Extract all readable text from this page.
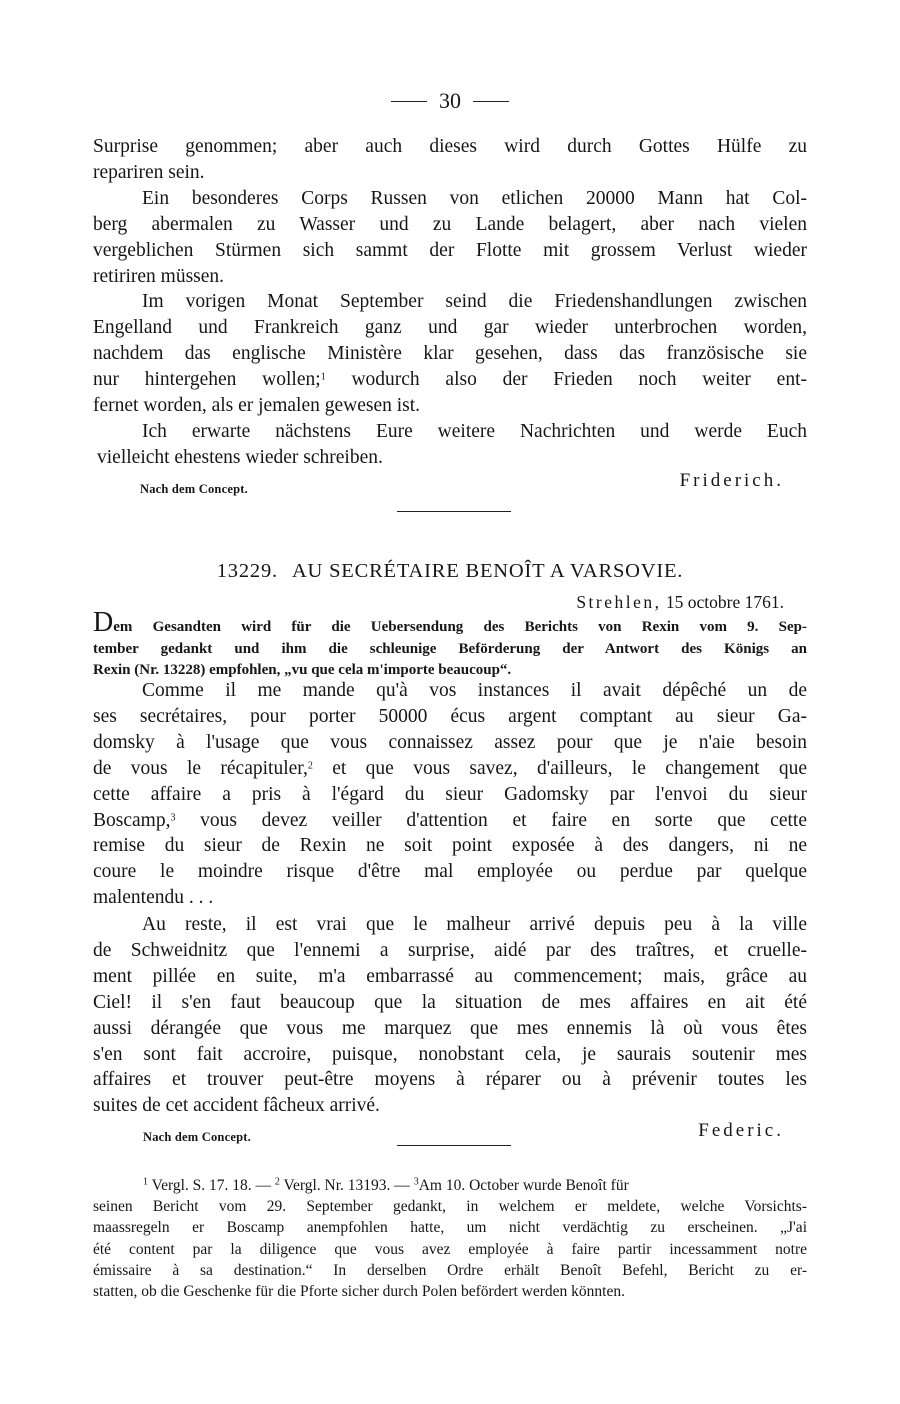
30
Surprise genommen; aber auch dieses wird durch Gottes Hülfe zu
repariren sein.
Ein besonderes Corps Russen von etlichen 20000 Mann hat Col-
berg abermalen zu Wasser und zu Lande belagert, aber nach vielen
vergeblichen Stürmen sich sammt der Flotte mit grossem Verlust wieder
retiriren müssen.
Im vorigen Monat September seind die Friedenshandlungen zwischen
Engelland und Frankreich ganz und gar wieder unterbrochen worden,
nachdem das englische Ministère klar gesehen, dass das französische sie
nur hintergehen wollen;$^1$ wodurch also der Frieden noch weiter ent-
fernet worden, als er jemalen gewesen ist.
Ich erwarte nächstens Eure weitere Nachrichten und werde Euch
vielleicht ehestens wieder schreiben.
Nach dem Concept.	Friderich.
13229. AU SECRÉTAIRE BENOÎT A VARSOVIE.
Strehlen, 15 octobre 1761.
Dem Gesandten wird für die Uebersendung des Berichts von Rexin vom 9. Sep-
tember gedankt und ihm die schleunige Beförderung der Antwort des Königs an
Rexin (Nr. 13228) empfohlen, „vu que cela m'importe beaucoup“.
Comme il me mande qu'à vos instances il avait dépêché un de
ses secrétaires, pour porter 50000 écus argent comptant au sieur Ga-
domsky à l'usage que vous connaissez assez pour que je n'aie besoin
de vous le récapituler,$^2$ et que vous savez, d'ailleurs, le changement que
cette affaire a pris à l'égard du sieur Gadomsky par l'envoi du sieur
Boscamp,$^3$ vous devez veiller d'attention et faire en sorte que cette
remise du sieur de Rexin ne soit point exposée à des dangers, ni ne
coure le moindre risque d'être mal employée ou perdue par quelque
malentendu . . .
Au reste, il est vrai que le malheur arrivé depuis peu à la ville
de Schweidnitz que l'ennemi a surprise, aidé par des traîtres, et cruelle-
ment pillée en suite, m'a embarrassé au commencement; mais, grâce au
Ciel! il s'en faut beaucoup que la situation de mes affaires en ait été
aussi dérangée que vous me marquez que mes ennemis là où vous êtes
s'en sont fait accroire, puisque, nonobstant cela, je saurais soutenir mes
affaires et trouver peut-être moyens à réparer ou à prévenir toutes les
suites de cet accident fâcheux arrivé.
Nach dem Concept.	Federic.
$^1$ Vergl. S. 17. 18. — $^2$ Vergl. Nr. 13193. — $^3$Am 10. October wurde Benoît für
seinen Bericht vom 29. September gedankt, in welchem er meldete, welche Vorsichts-
maassregeln er Boscamp anempfohlen hatte, um nicht verdächtig zu erscheinen. „J'ai
été content par la diligence que vous avez employée à faire partir incessamment notre
émissaire à sa destination.“ In derselben Ordre erhält Benoît Befehl, Bericht zu er-
statten, ob die Geschenke für die Pforte sicher durch Polen befördert werden könnten.
